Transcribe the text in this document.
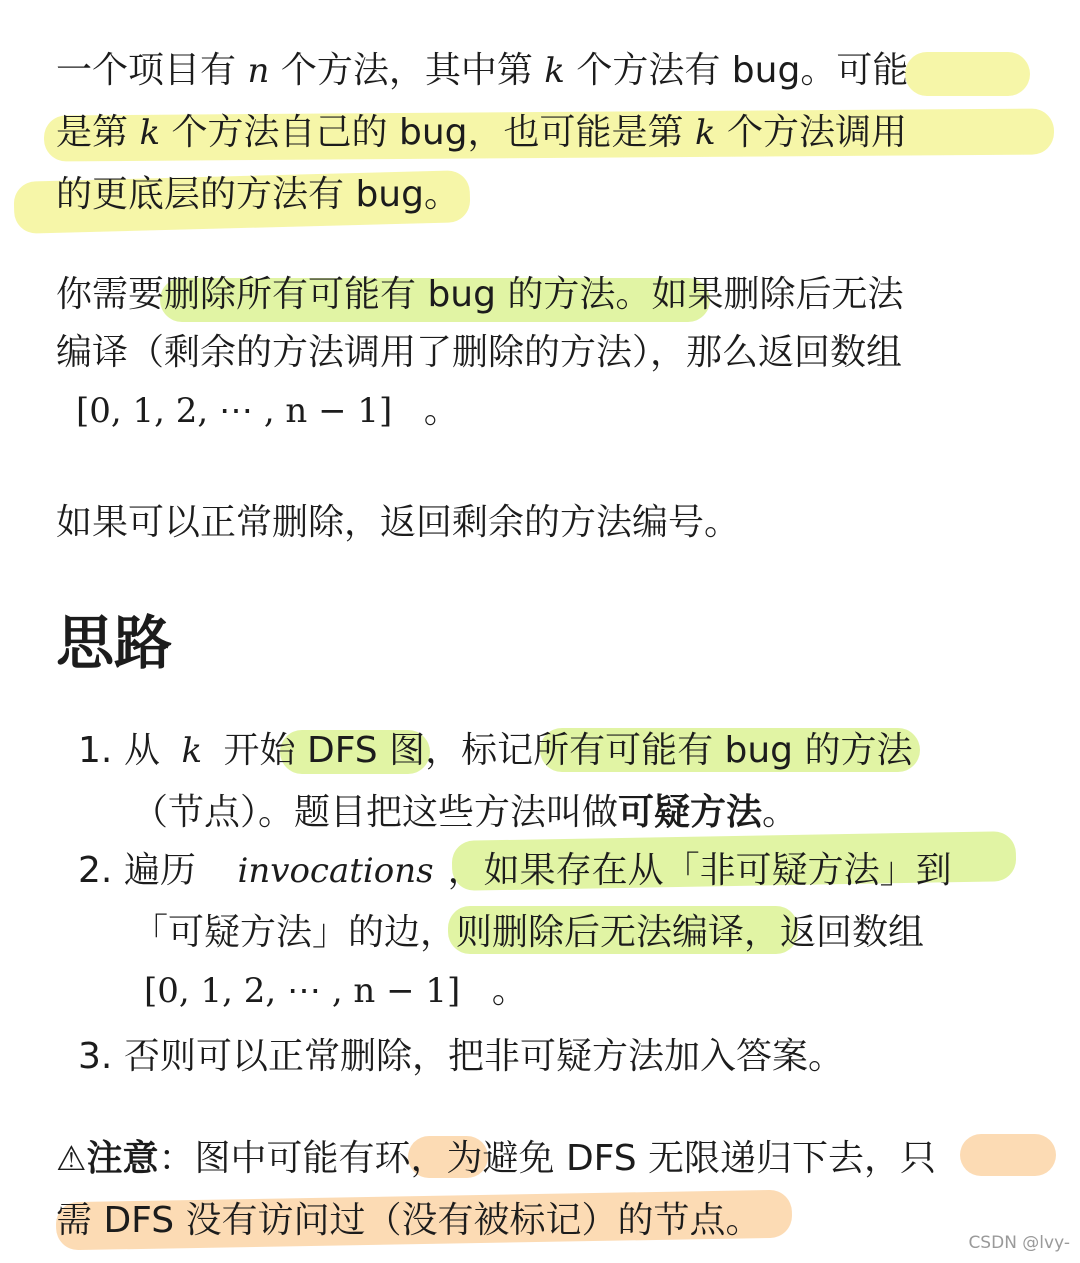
一个项目有 n 个方法，其中第 k 个方法有 bug。可能
是第 k 个方法自己的 bug，也可能是第 k 个方法调用
的更底层的方法有 bug。
你需要删除所有可能有 bug 的方法。如果删除后无法
编译（剩余的方法调用了删除的方法），那么返回数组
[0, 1, 2, ⋯ , n − 1] 。
如果可以正常删除，返回剩余的方法编号。
思路
1. 从 k 开始 DFS 图，标记所有可能有 bug 的方法
（节点）。题目把这些方法叫做可疑方法。
2. 遍历 invocations ，如果存在从「非可疑方法」到
「可疑方法」的边，则删除后无法编译，返回数组
[0, 1, 2, ⋯ , n − 1] 。
3. 否则可以正常删除，把非可疑方法加入答案。
⚠注意：图中可能有环，为避免 DFS 无限递归下去，只
需 DFS 没有访问过（没有被标记）的节点。
CSDN @lvy-
